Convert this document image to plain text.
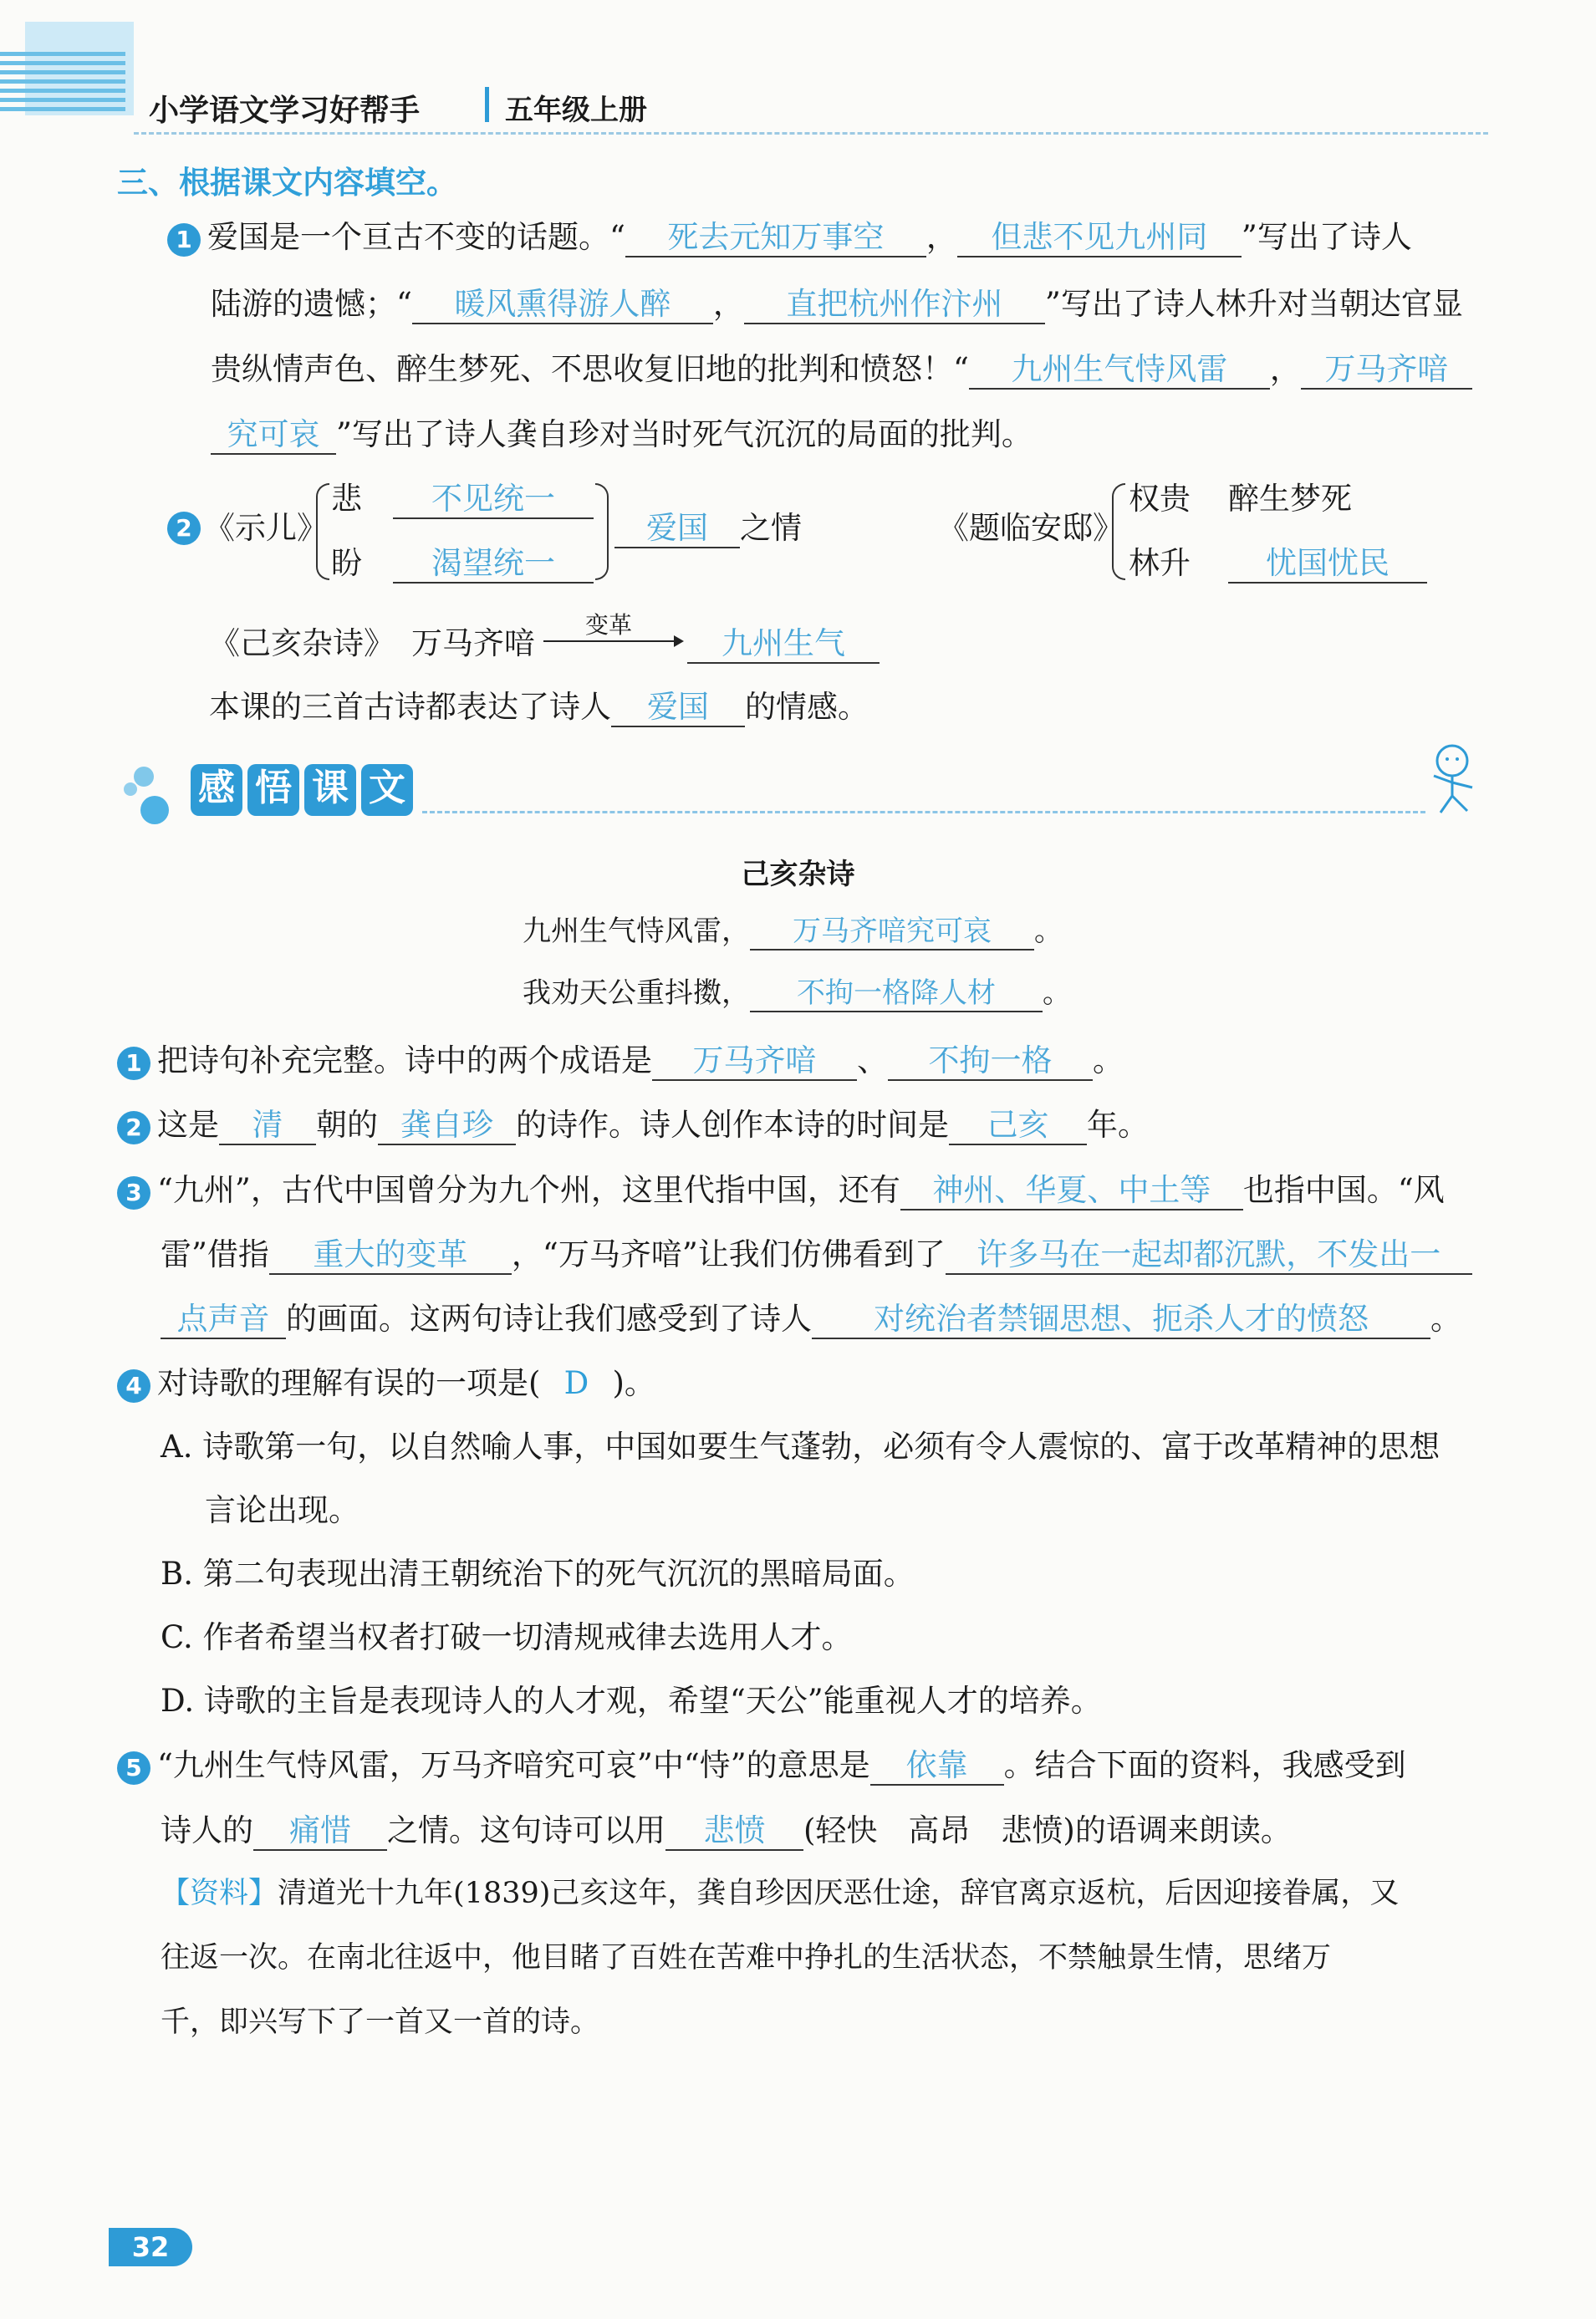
小学语文学习好帮手	五年级上册
三、根据课文内容填空。
1 爱国是一个亘古不变的话题。“ 死去元知万事空 ， 但悲不见九州同 ”写出了诗人
陆游的遗憾；“ 暖风熏得游人醉 ， 直把杭州作汴州 ”写出了诗人林升对当朝达官显
贵纵情声色、醉生梦死、不思收复旧地的批判和愤怒！“ 九州生气恃风雷 ， 万马齐喑
究可哀 ”写出了诗人龚自珍对当时死气沉沉的局面的批判。
2 《示儿》
悲
盼
不见统一
渴望统一
爱国 之情	《题临安邸》
权贵 醉生梦死
林升 忧国忧民
《己亥杂诗》 万马齐喑
变革
九州生气
本课的三首古诗都表达了诗人 爱国 的情感。
感 悟 课 文
己亥杂诗
九州生气恃风雷， 万马齐喑究可哀 。
我劝天公重抖擞， 不拘一格降人材 。
1 把诗句补充完整。诗中的两个成语是 万马齐喑 、 不拘一格 。
2 这是 清 朝的 龚自珍 的诗作。诗人创作本诗的时间是 己亥 年。
3 “九州”，古代中国曾分为九个州，这里代指中国，还有 神州、华夏、中土等 也指中国。“风
雷”借指 重大的变革 ，“万马齐喑”让我们仿佛看到了 许多马在一起却都沉默，不发出一
点声音 的画面。这两句诗让我们感受到了诗人 对统治者禁锢思想、扼杀人才的愤怒 。
4 对诗歌的理解有误的一项是( D )。
A. 诗歌第一句，以自然喻人事，中国如要生气蓬勃，必须有令人震惊的、富于改革精神的思想
言论出现。
B. 第二句表现出清王朝统治下的死气沉沉的黑暗局面。
C. 作者希望当权者打破一切清规戒律去选用人才。
D. 诗歌的主旨是表现诗人的人才观，希望“天公”能重视人才的培养。
5 “九州生气恃风雷，万马齐喑究可哀”中“恃”的意思是 依靠 。结合下面的资料，我感受到
诗人的 痛惜 之情。这句诗可以用 悲愤 (轻快　高昂　悲愤)的语调来朗读。
【资料】清道光十九年(1839)己亥这年，龚自珍因厌恶仕途，辞官离京返杭，后因迎接眷属，又
往返一次。在南北往返中，他目睹了百姓在苦难中挣扎的生活状态，不禁触景生情，思绪万
千，即兴写下了一首又一首的诗。
32
